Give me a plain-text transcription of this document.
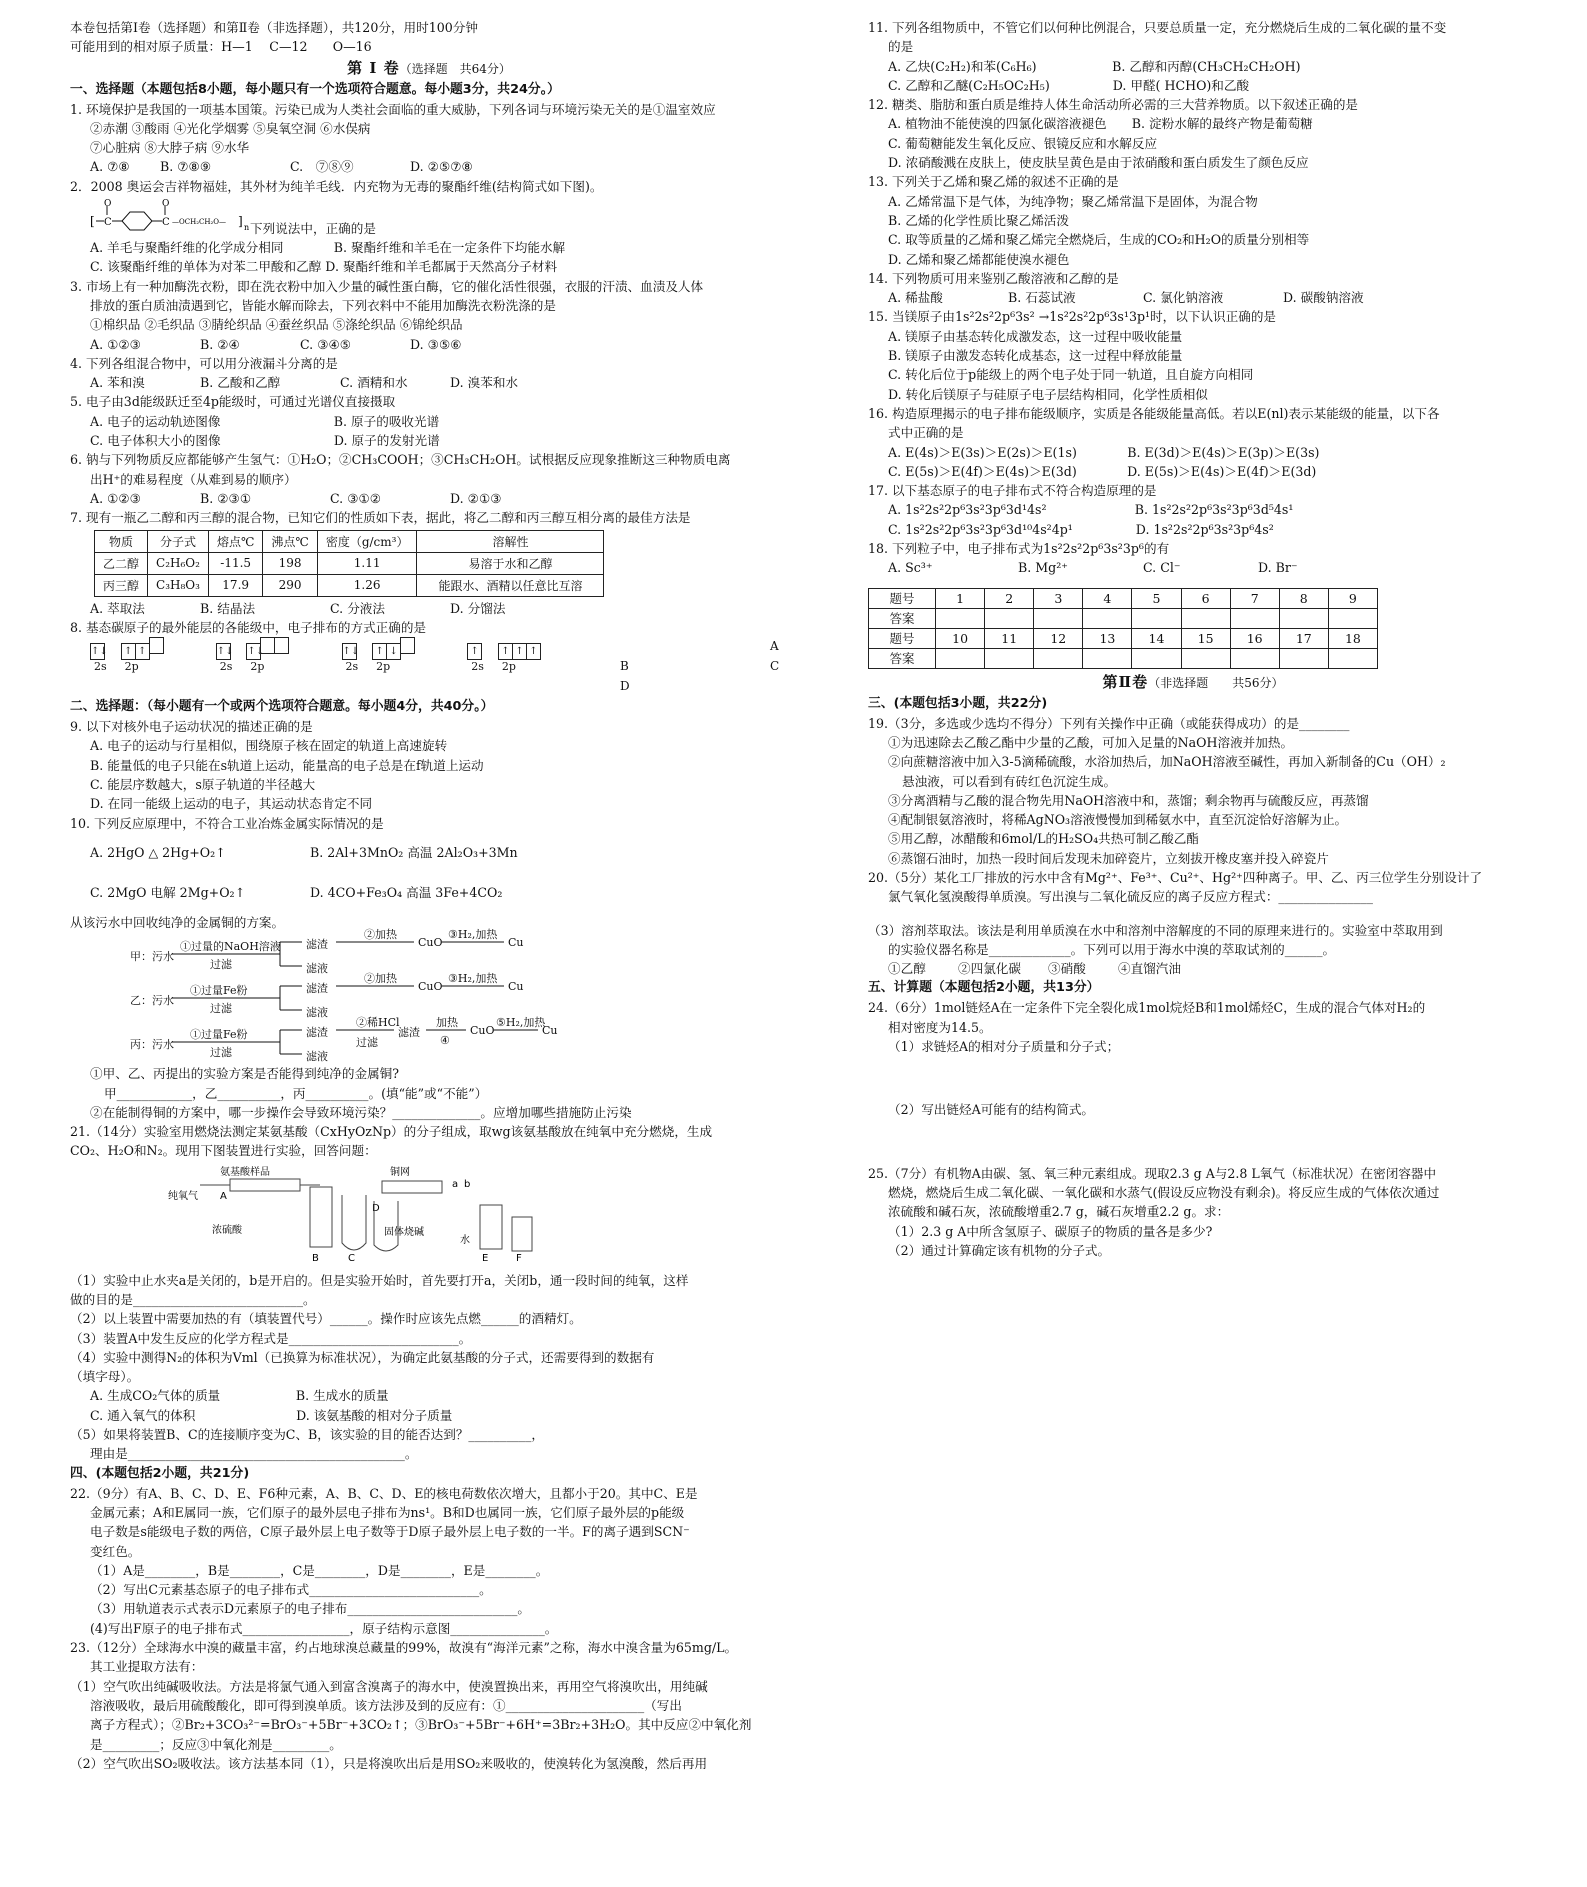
本卷包括第Ⅰ卷（选择题）和第Ⅱ卷（非选择题），共120分，用时100分钟
可能用到的相对原子质量：H—1　 C—12　　O—16
第 Ⅰ 卷（选择题　共64分）
一、选择题（本题包括8小题，每小题只有一个选项符合题意。每小题3分，共24分。）
1. 环境保护是我国的一项基本国策。污染已成为人类社会面临的重大威胁，下列各词与环境污染无关的是①温室效应
②赤潮 ③酸雨 ④光化学烟雾 ⑤臭氧空洞 ⑥水俣病
⑦心脏病 ⑧大脖子病 ⑨水华
A. ⑦⑧	B. ⑦⑧⑨	C.　⑦⑧⑨	D. ②⑤⑦⑧
2．2008 奥运会吉祥物福娃，其外材为纯羊毛线．内充物为无毒的聚酯纤维(结构简式如下图)。
[ C
O
C
O
—OCH₂CH₂O— ] n 下列说法中，正确的是
A. 羊毛与聚酯纤维的化学成分相同　　　　B. 聚酯纤维和羊毛在一定条件下均能水解
C. 该聚酯纤维的单体为对苯二甲酸和乙醇 D. 聚酯纤维和羊毛都属于天然高分子材料
3. 市场上有一种加酶洗衣粉，即在洗衣粉中加入少量的碱性蛋白酶，它的催化活性很强，衣服的汗渍、血渍及人体
排放的蛋白质油渍遇到它，皆能水解而除去，下列衣料中不能用加酶洗衣粉洗涤的是
①棉织品 ②毛织品 ③腈纶织品 ④蚕丝织品 ⑤涤纶织品 ⑥锦纶织品
A. ①②③	B. ②④	C. ③④⑤	D. ③⑤⑥
4. 下列各组混合物中，可以用分液漏斗分离的是
A. 苯和溴	B. 乙酸和乙醇	C. 酒精和水	D. 溴苯和水
5. 电子由3d能级跃迁至4p能级时，可通过光谱仪直接摄取
A. 电子的运动轨迹图像　　　　　　　　　B. 原子的吸收光谱
C. 电子体积大小的图像　　　　　　　　　D. 原子的发射光谱
6. 钠与下列物质反应都能够产生氢气：①H₂O；②CH₃COOH；③CH₃CH₂OH。试根据反应现象推断这三种物质电离
出H⁺的难易程度（从难到易的顺序）
A. ①②③	B. ②③①	C. ③①②	D. ②①③
7. 现有一瓶乙二醇和丙三醇的混合物，已知它们的性质如下表，据此，将乙二醇和丙三醇互相分离的最佳方法是
物质	分子式	熔点℃	沸点℃	密度（g/cm³）	溶解性
乙二醇	C₂H₆O₂	-11.5	198	1.11	易溶于水和乙醇
丙三醇	C₃H₈O₃	17.9	290	1.26	能跟水、酒精以任意比互溶
A. 萃取法	B. 结晶法	C. 分液法	D. 分馏法
8. 基态碳原子的最外能层的各能级中，电子排布的方式正确的是
↑↓
2s
↑ ↑
2p

↑↓
2s
↑↓
2p

↑↓
2s
↑ ↓
2p

↑
2s
↑ ↑ ↑
2p
A
B	C
D
二、选择题：（每小题有一个或两个选项符合题意。每小题4分，共40分。）
9. 以下对核外电子运动状况的描述正确的是
A. 电子的运动与行星相似，围绕原子核在固定的轨道上高速旋转
B. 能量低的电子只能在s轨道上运动，能量高的电子总是在f轨道上运动
C. 能层序数越大，s原子轨道的半径越大
D. 在同一能级上运动的电子，其运动状态肯定不同
10. 下列反应原理中，不符合工业冶炼金属实际情况的是
A. 2HgO △ 2Hg+O₂↑	B. 2Al+3MnO₂ 高温 2Al₂O₃+3Mn
C. 2MgO 电解 2Mg+O₂↑	D. 4CO+Fe₃O₄ 高温 3Fe+4CO₂
从该污水中回收纯净的金属铜的方案。
甲：污水
①过量的NaOH溶液
过滤
滤渣
滤液
②加热
CuO
③H₂,加热
Cu
乙：污水
①过量Fe粉
过滤
滤渣
滤液
②加热
CuO
③H₂,加热
Cu
丙：污水
①过量Fe粉
过滤
滤渣
滤液
②稀HCl
过滤
滤渣
加热
④
CuO
⑤H₂,加热
Cu
①甲、乙、丙提出的实验方案是否能得到纯净的金属铜?
甲____________，乙__________，丙__________。(填“能”或“不能”）
②在能制得铜的方案中，哪一步操作会导致环境污染？______________。应增加哪些措施防止污染
21.（14分）实验室用燃烧法测定某氨基酸（CxHyOzNp）的分子组成，取wg该氨基酸放在纯氧中充分燃烧，生成
CO₂、H₂O和N₂。现用下图装置进行实验，回答问题：
氨基酸样品
纯氧气 A
浓硫酸
B	C
铜网
a b
D
固体烧碱
水
E	F
（1）实验中止水夹a是关闭的，b是开启的。但是实验开始时，首先要打开a，关闭b，通一段时间的纯氧，这样
做的目的是___________________________。
（2）以上装置中需要加热的有（填装置代号）______。操作时应该先点燃______的酒精灯。
（3）装置A中发生反应的化学方程式是___________________________。
（4）实验中测得N₂的体积为Vml（已换算为标准状况），为确定此氨基酸的分子式，还需要得到的数据有
（填字母）。
A. 生成CO₂气体的质量　　　　　　B. 生成水的质量
C. 通入氧气的体积　　　　　　　　D. 该氨基酸的相对分子质量
（5）如果将装置B、C的连接顺序变为C、B，该实验的目的能否达到？__________，
理由是____________________________________________。
四、(本题包括2小题，共21分)
22.（9分）有A、B、C、D、E、F6种元素，A、B、C、D、E的核电荷数依次增大，且都小于20。其中C、E是
金属元素；A和E属同一族，它们原子的最外层电子排布为ns¹。B和D也属同一族，它们原子最外层的p能级
电子数是s能级电子数的两倍，C原子最外层上电子数等于D原子最外层上电子数的一半。F的离子遇到SCN⁻
变红色。
（1）A是________，B是________，C是________，D是________，E是________。
（2）写出C元素基态原子的电子排布式___________________________。
（3）用轨道表示式表示D元素原子的电子排布___________________________。
(4)写出F原子的电子排布式_________________，原子结构示意图_______________。
23.（12分）全球海水中溴的藏量丰富，约占地球溴总藏量的99%，故溴有“海洋元素”之称，海水中溴含量为65mg/L。
其工业提取方法有：
（1）空气吹出纯碱吸收法。方法是将氯气通入到富含溴离子的海水中，使溴置换出来，再用空气将溴吹出，用纯碱
溶液吸收，最后用硫酸酸化，即可得到溴单质。该方法涉及到的反应有：①______________________（写出
离子方程式）；②Br₂+3CO₃²⁻=BrO₃⁻+5Br⁻+3CO₂↑；③BrO₃⁻+5Br⁻+6H⁺=3Br₂+3H₂O。其中反应②中氧化剂
是_________；反应③中氧化剂是_________。
（2）空气吹出SO₂吸收法。该方法基本同（1），只是将溴吹出后是用SO₂来吸收的，使溴转化为氢溴酸，然后再用
11. 下列各组物质中，不管它们以何种比例混合，只要总质量一定，充分燃烧后生成的二氧化碳的量不变
的是
A. 乙炔(C₂H₂)和苯(C₆H₆)　　　　　　B. 乙醇和丙醇(CH₃CH₂CH₂OH)
C. 乙醇和乙醚(C₂H₅OC₂H₅)　　　　　D. 甲醛( HCHO)和乙酸
12. 糖类、脂肪和蛋白质是维持人体生命活动所必需的三大营养物质。以下叙述正确的是
A. 植物油不能使溴的四氯化碳溶液褪色　　B. 淀粉水解的最终产物是葡萄糖
C. 葡萄糖能发生氧化反应、银镜反应和水解反应
D. 浓硝酸溅在皮肤上，使皮肤呈黄色是由于浓硝酸和蛋白质发生了颜色反应
13. 下列关于乙烯和聚乙烯的叙述不正确的是
A. 乙烯常温下是气体，为纯净物；聚乙烯常温下是固体，为混合物
B. 乙烯的化学性质比聚乙烯活泼
C. 取等质量的乙烯和聚乙烯完全燃烧后，生成的CO₂和H₂O的质量分别相等
D. 乙烯和聚乙烯都能使溴水褪色
14. 下列物质可用来鉴别乙酸溶液和乙醇的是
A. 稀盐酸	B. 石蕊试液	C. 氯化钠溶液	D. 碳酸钠溶液
15. 当镁原子由1s²2s²2p⁶3s² →1s²2s²2p⁶3s¹3p¹时，以下认识正确的是
A. 镁原子由基态转化成激发态，这一过程中吸收能量
B. 镁原子由激发态转化成基态，这一过程中释放能量
C. 转化后位于p能级上的两个电子处于同一轨道，且自旋方向相同
D. 转化后镁原子与硅原子电子层结构相同，化学性质相似
16. 构造原理揭示的电子排布能级顺序，实质是各能级能量高低。若以E(nl)表示某能级的能量，以下各
式中正确的是
A. E(4s)＞E(3s)＞E(2s)＞E(1s)　　　　B. E(3d)＞E(4s)＞E(3p)＞E(3s)
C. E(5s)＞E(4f)＞E(4s)＞E(3d)　　　　D. E(5s)＞E(4s)＞E(4f)＞E(3d)
17. 以下基态原子的电子排布式不符合构造原理的是
A. 1s²2s²2p⁶3s²3p⁶3d¹4s²　　　　　　　B. 1s²2s²2p⁶3s²3p⁶3d⁵4s¹
C. 1s²2s²2p⁶3s²3p⁶3d¹⁰4s²4p¹　　　　　D. 1s²2s²2p⁶3s²3p⁶4s²
18. 下列粒子中，电子排布式为1s²2s²2p⁶3s²3p⁶的有
A. Sc³⁺	B. Mg²⁺	C. Cl⁻	D. Br⁻
题号	1	2	3	4	5	6	7	8	9
答案									
题号	10	11	12	13	14	15	16	17	18
答案									
第Ⅱ卷（非选择题　　共56分）
三、(本题包括3小题，共22分)
19.（3分，多选或少选均不得分）下列有关操作中正确（或能获得成功）的是________
①为迅速除去乙酸乙酯中少量的乙酸，可加入足量的NaOH溶液并加热。
②向蔗糖溶液中加入3-5滴稀硫酸，水浴加热后，加NaOH溶液至碱性，再加入新制备的Cu（OH）₂
悬浊液，可以看到有砖红色沉淀生成。
③分离酒精与乙酸的混合物先用NaOH溶液中和，蒸馏；剩余物再与硫酸反应，再蒸馏
④配制银氨溶液时，将稀AgNO₃溶液慢慢加到稀氨水中，直至沉淀恰好溶解为止。
⑤用乙醇，冰醋酸和6mol/L的H₂SO₄共热可制乙酸乙酯
⑥蒸馏石油时，加热一段时间后发现未加碎瓷片，立刻拔开橡皮塞并投入碎瓷片
20.（5分）某化工厂排放的污水中含有Mg²⁺、Fe³⁺、Cu²⁺、Hg²⁺四种离子。甲、乙、丙三位学生分别设计了
氯气氧化氢溴酸得单质溴。写出溴与二氧化硫反应的离子反应方程式：_______________
（3）溶剂萃取法。该法是利用单质溴在水中和溶剂中溶解度的不同的原理来进行的。实验室中萃取用到
的实验仪器名称是_____________。下列可以用于海水中溴的萃取试剂的______。
①乙醇	②四氯化碳	③硝酸	④直馏汽油
五、计算题（本题包括2小题，共13分）
24.（6分）1mol链烃A在一定条件下完全裂化成1mol烷烃B和1mol烯烃C，生成的混合气体对H₂的
相对密度为14.5。
（1）求链烃A的相对分子质量和分子式；
（2）写出链烃A可能有的结构简式。
25.（7分）有机物A由碳、氢、氧三种元素组成。现取2.3 g A与2.8 L氧气（标准状况）在密闭容器中
燃烧，燃烧后生成二氧化碳、一氧化碳和水蒸气(假设反应物没有剩余)。将反应生成的气体依次通过
浓硫酸和碱石灰，浓硫酸增重2.7 g，碱石灰增重2.2 g。求：
（1）2.3 g A中所含氢原子、碳原子的物质的量各是多少?
（2）通过计算确定该有机物的分子式。
